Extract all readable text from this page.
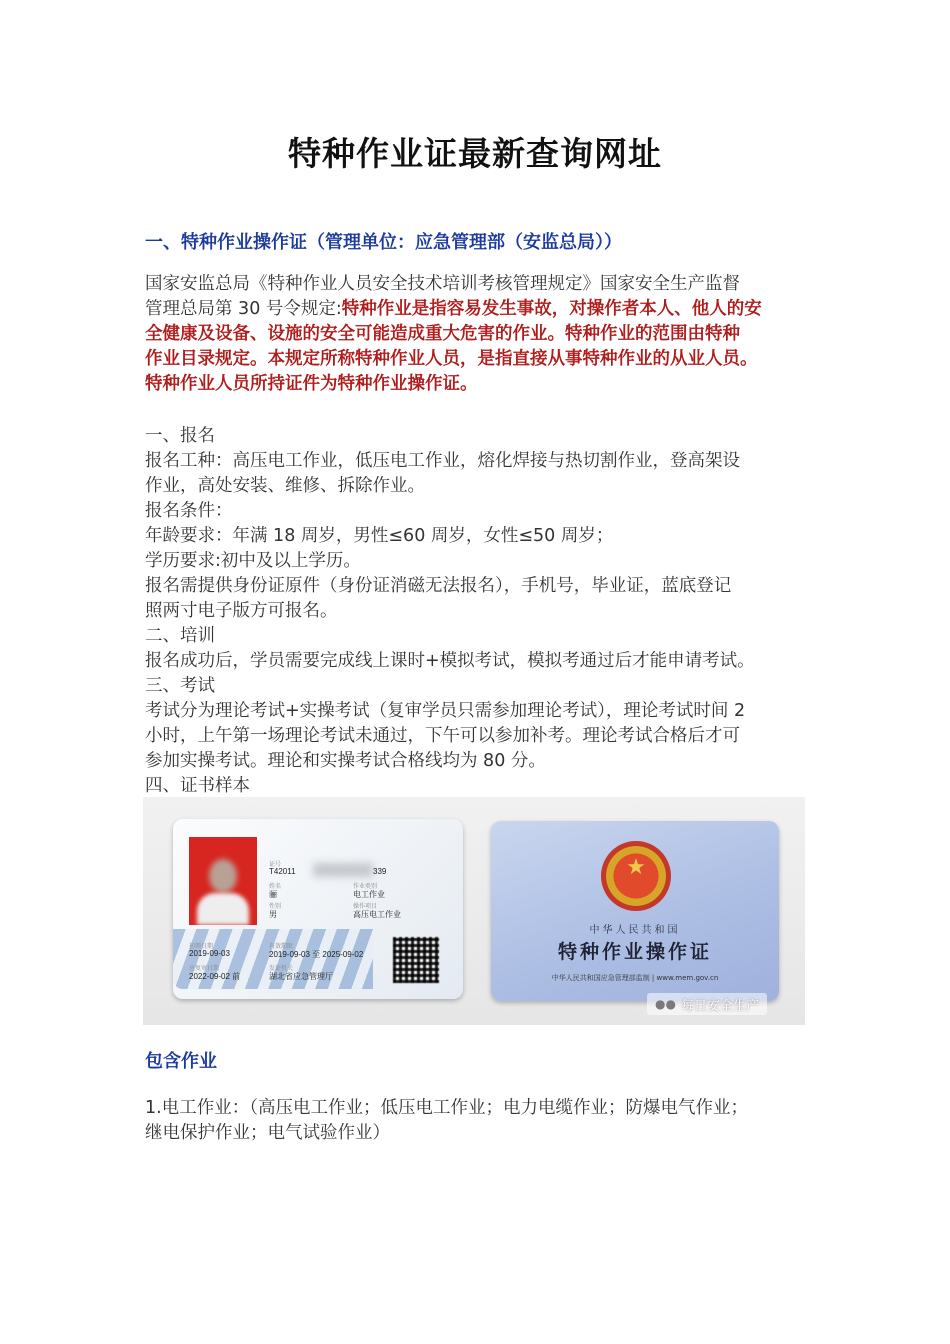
特种作业证最新查询网址
一、特种作业操作证（管理单位：应急管理部（安监总局））
国家安监总局《特种作业人员安全技术培训考核管理规定》国家安全生产监督
管理总局第 30 号令规定:特种作业是指容易发生事故，对操作者本人、他人的安
全健康及设备、设施的安全可能造成重大危害的作业。特种作业的范围由特种
作业目录规定。本规定所称特种作业人员，是指直接从事特种作业的从业人员。
特种作业人员所持证件为特种作业操作证。
一、报名
报名工种：高压电工作业，低压电工作业，熔化焊接与热切割作业，登高架设
作业，高处安装、维修、拆除作业。
报名条件：
年龄要求：年满 18 周岁，男性≤60 周岁，女性≤50 周岁；
学历要求:初中及以上学历。
报名需提供身份证原件（身份证消磁无法报名），手机号，毕业证，蓝底登记
照两寸电子版方可报名。
二、培训
报名成功后，学员需要完成线上课时+模拟考试，模拟考通过后才能申请考试。
三、考试
考试分为理论考试+实操考试（复审学员只需参加理论考试），理论考试时间 2
小时，上午第一场理论考试未通过，下午可以参加补考。理论考试合格后才可
参加实操考试。理论和实操考试合格线均为 80 分。
四、证书样本
证号
T42011	339
姓名
骊
作业类别
电工作业
性别
男
操作项目
高压电工作业
初领日期
2019-09-03
有效期限
2019-09-03 至 2025-09-02
应复审日期
2022-09-02 前
发证机关
湖北省应急管理厅
★
中华人民共和国
特种作业操作证
中华人民共和国应急管理部监制 | www.mem.gov.cn
●● 每日安全生产
包含作业
1.电工作业：（高压电工作业；低压电工作业；电力电缆作业；防爆电气作业；
继电保护作业；电气试验作业）
